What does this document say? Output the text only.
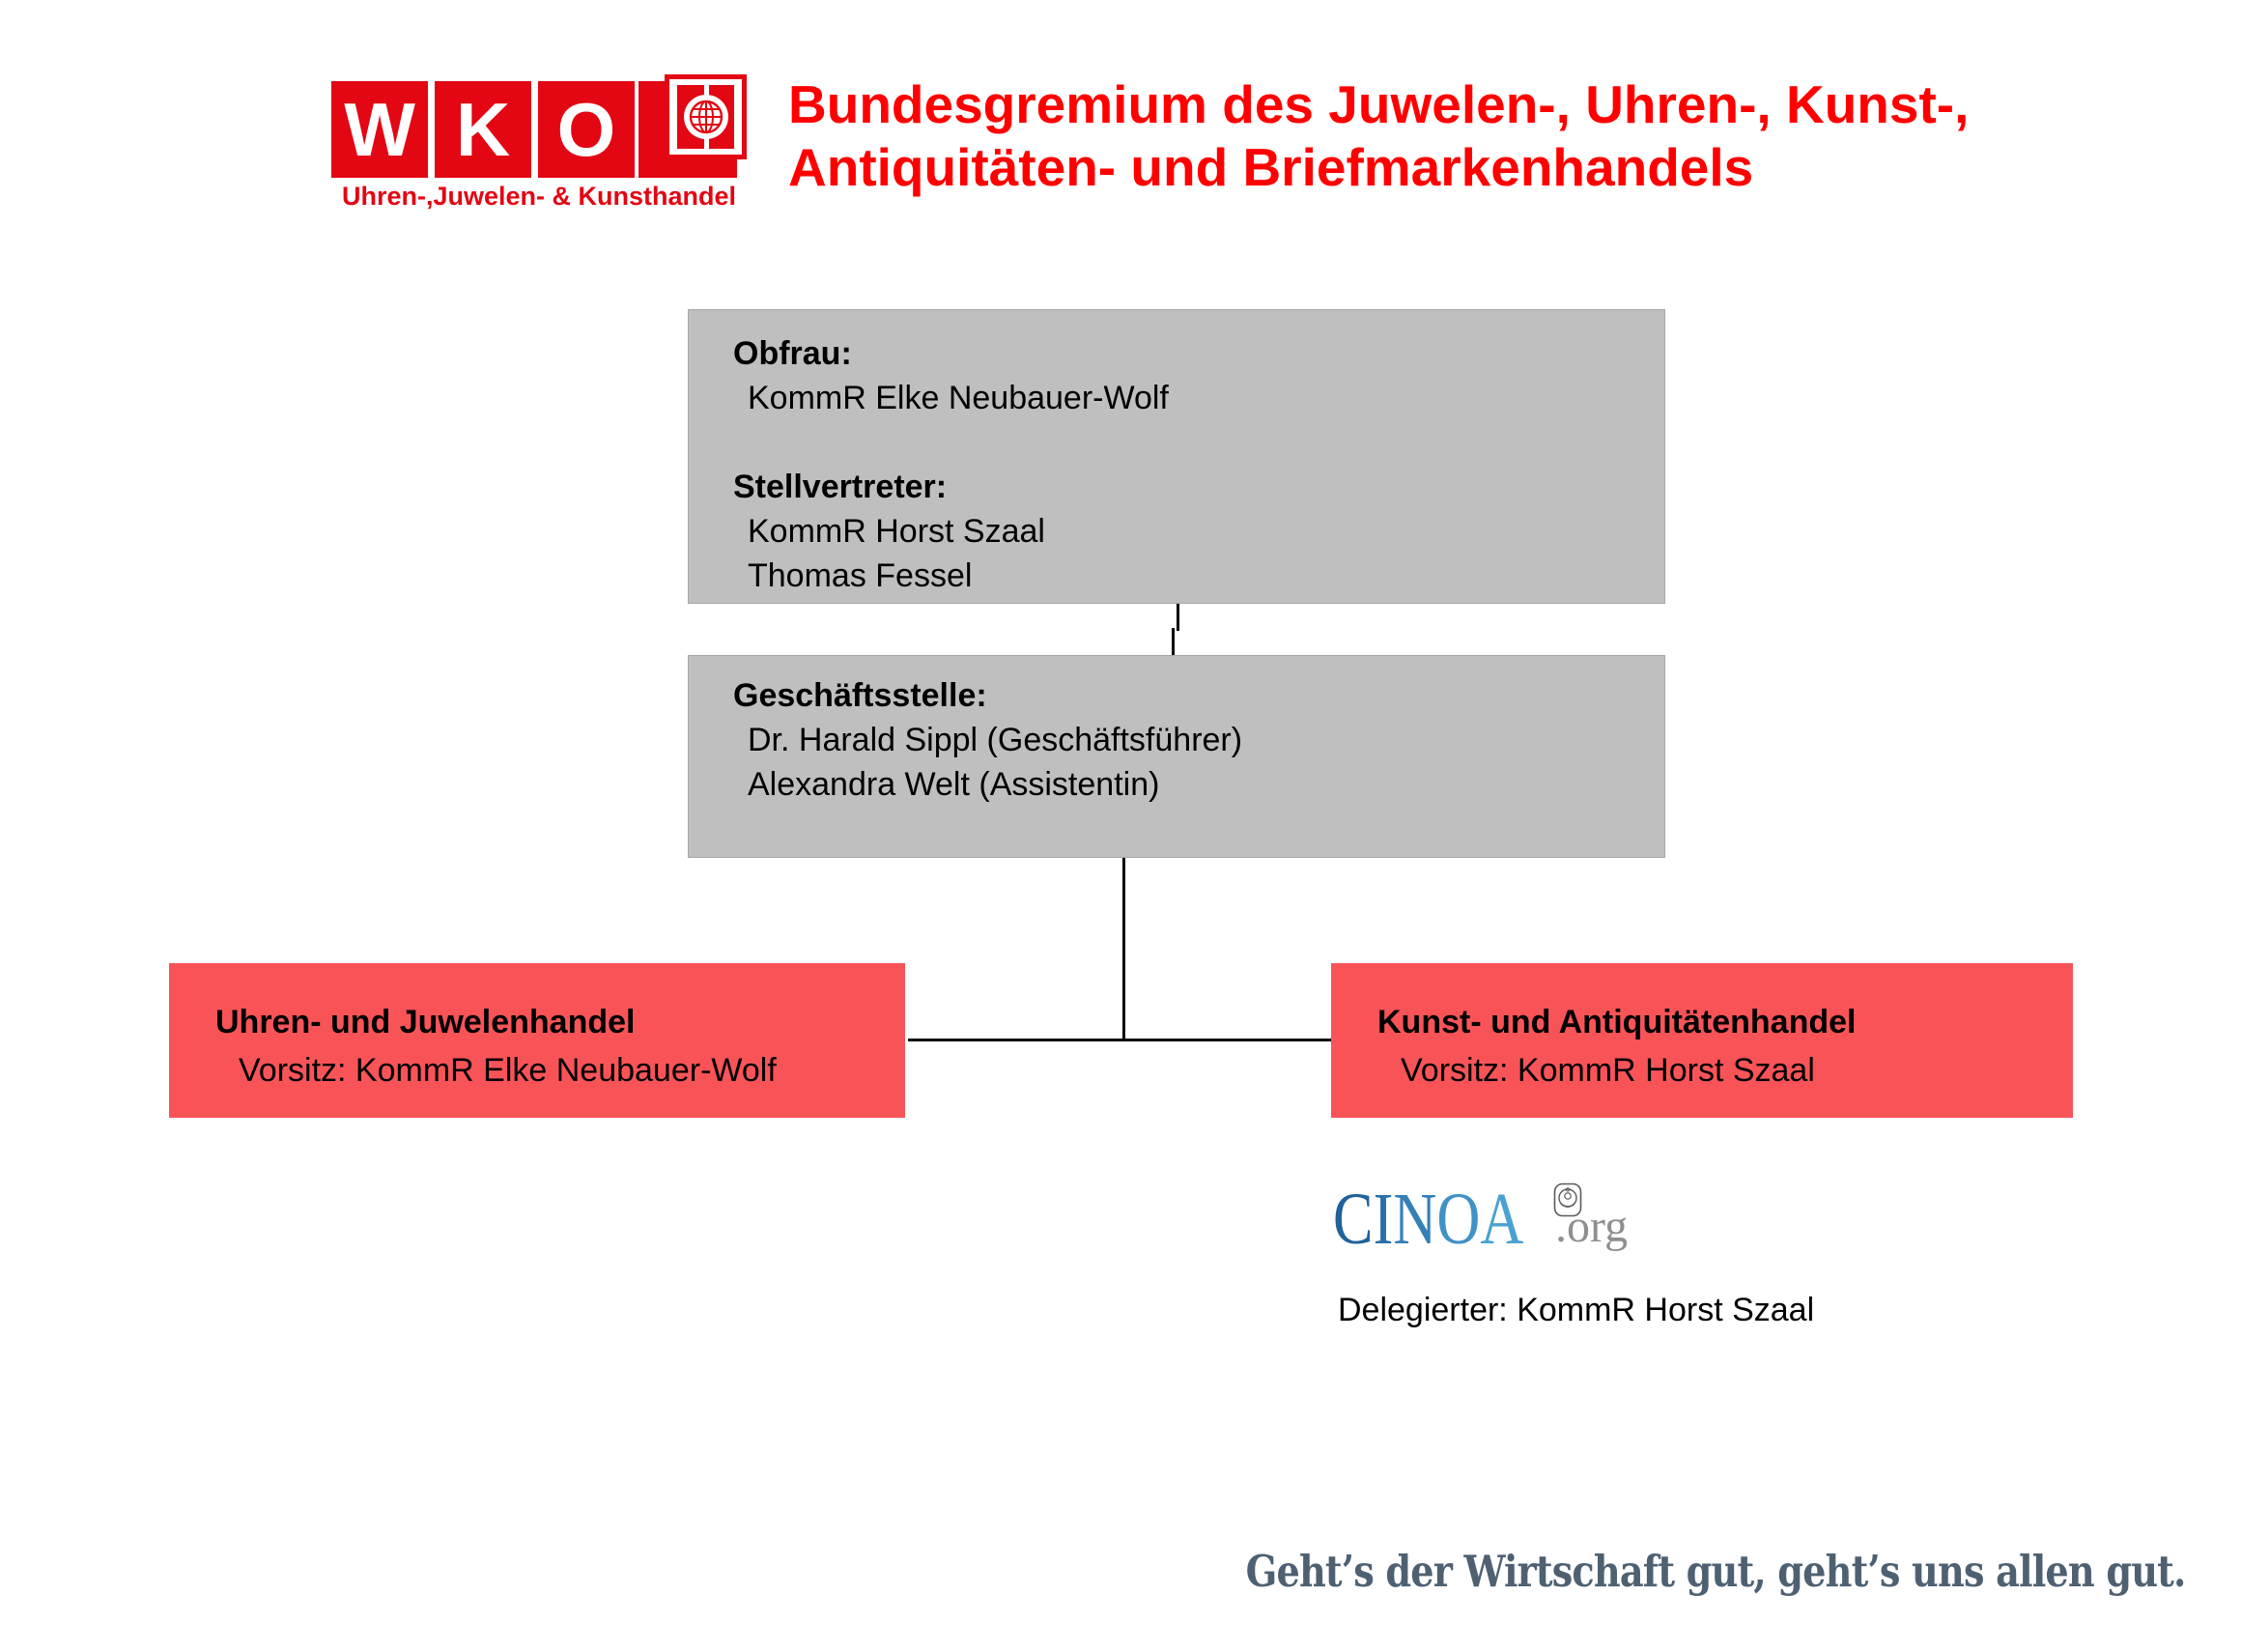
W K O
Uhren-,Juwelen- & Kunsthandel
Bundesgremium des Juwelen-, Uhren-, Kunst-,
Antiquitäten- und Briefmarkenhandels
Obfrau:
KommR Elke Neubauer-Wolf
Stellvertreter:
KommR Horst Szaal
Thomas Fessel
Geschäftsstelle:
Dr. Harald Sippl (Geschäftsführer)
Alexandra Welt (Assistentin)
Uhren- und Juwelenhandel
Vorsitz: KommR Elke Neubauer-Wolf
Kunst- und Antiquitätenhandel
Vorsitz: KommR Horst Szaal
CINOA .org
Delegierter: KommR Horst Szaal
Geht’s der Wirtschaft gut, geht’s uns allen gut.
